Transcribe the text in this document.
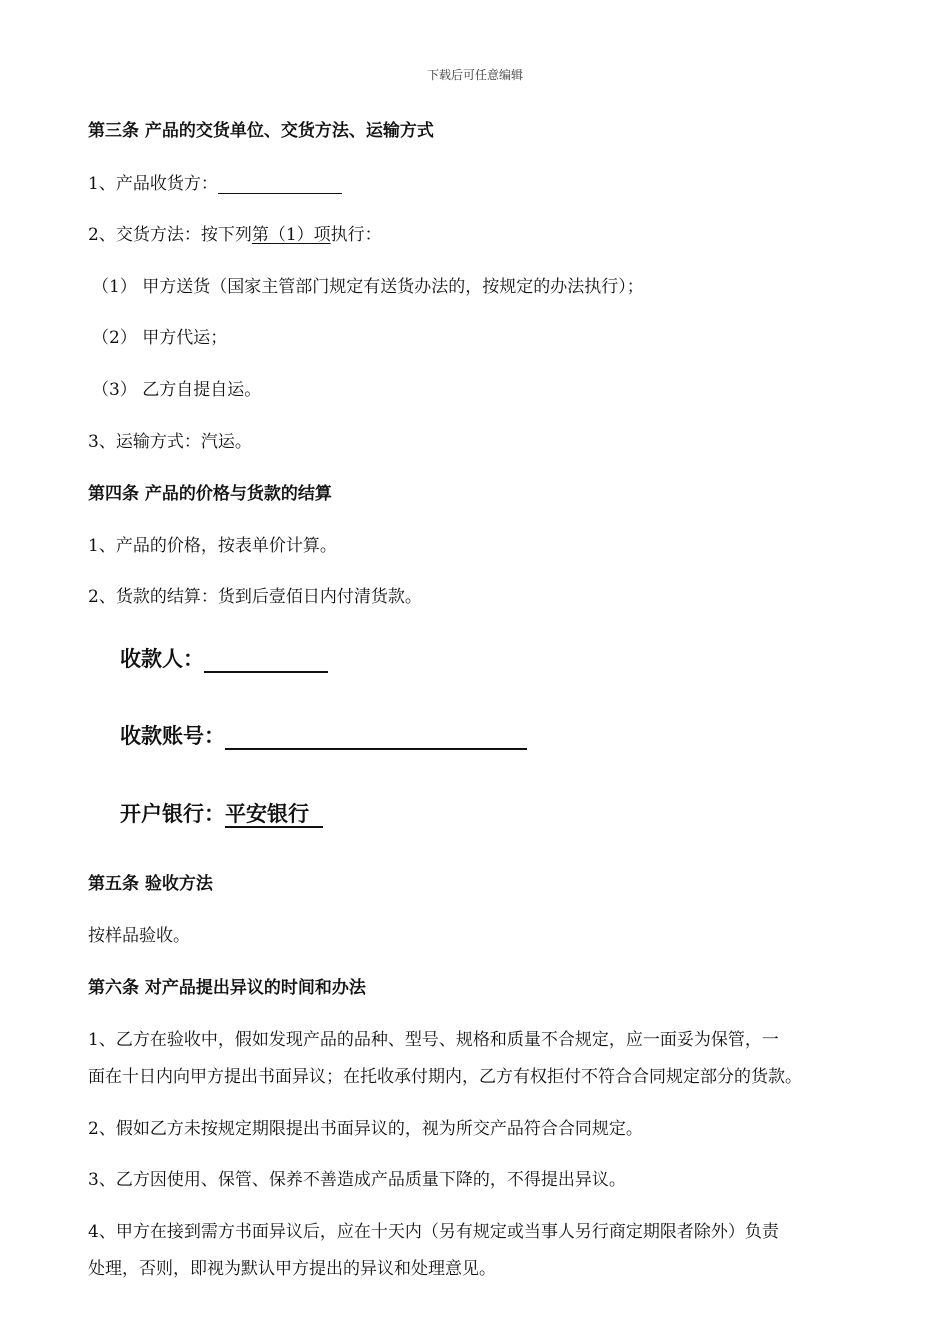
下载后可任意编辑
第三条 产品的交货单位、交货方法、运输方式
1、产品收货方：
2、交货方法：按下列第（1）项执行：
（1） 甲方送货（国家主管部门规定有送货办法的，按规定的办法执行）；
（2） 甲方代运；
（3） 乙方自提自运。
3、运输方式：汽运。
第四条 产品的价格与货款的结算
1、产品的价格，按表单价计算。
2、货款的结算：货到后壹佰日内付清货款。
收款人：
收款账号：
开户银行：平安银行
第五条 验收方法
按样品验收。
第六条 对产品提出异议的时间和办法
1、乙方在验收中，假如发现产品的品种、型号、规格和质量不合规定，应一面妥为保管，一
面在十日内向甲方提出书面异议；在托收承付期内，乙方有权拒付不符合合同规定部分的货款。
2、假如乙方未按规定期限提出书面异议的，视为所交产品符合合同规定。
3、乙方因使用、保管、保养不善造成产品质量下降的，不得提出异议。
4、甲方在接到需方书面异议后，应在十天内（另有规定或当事人另行商定期限者除外）负责
处理，否则，即视为默认甲方提出的异议和处理意见。
